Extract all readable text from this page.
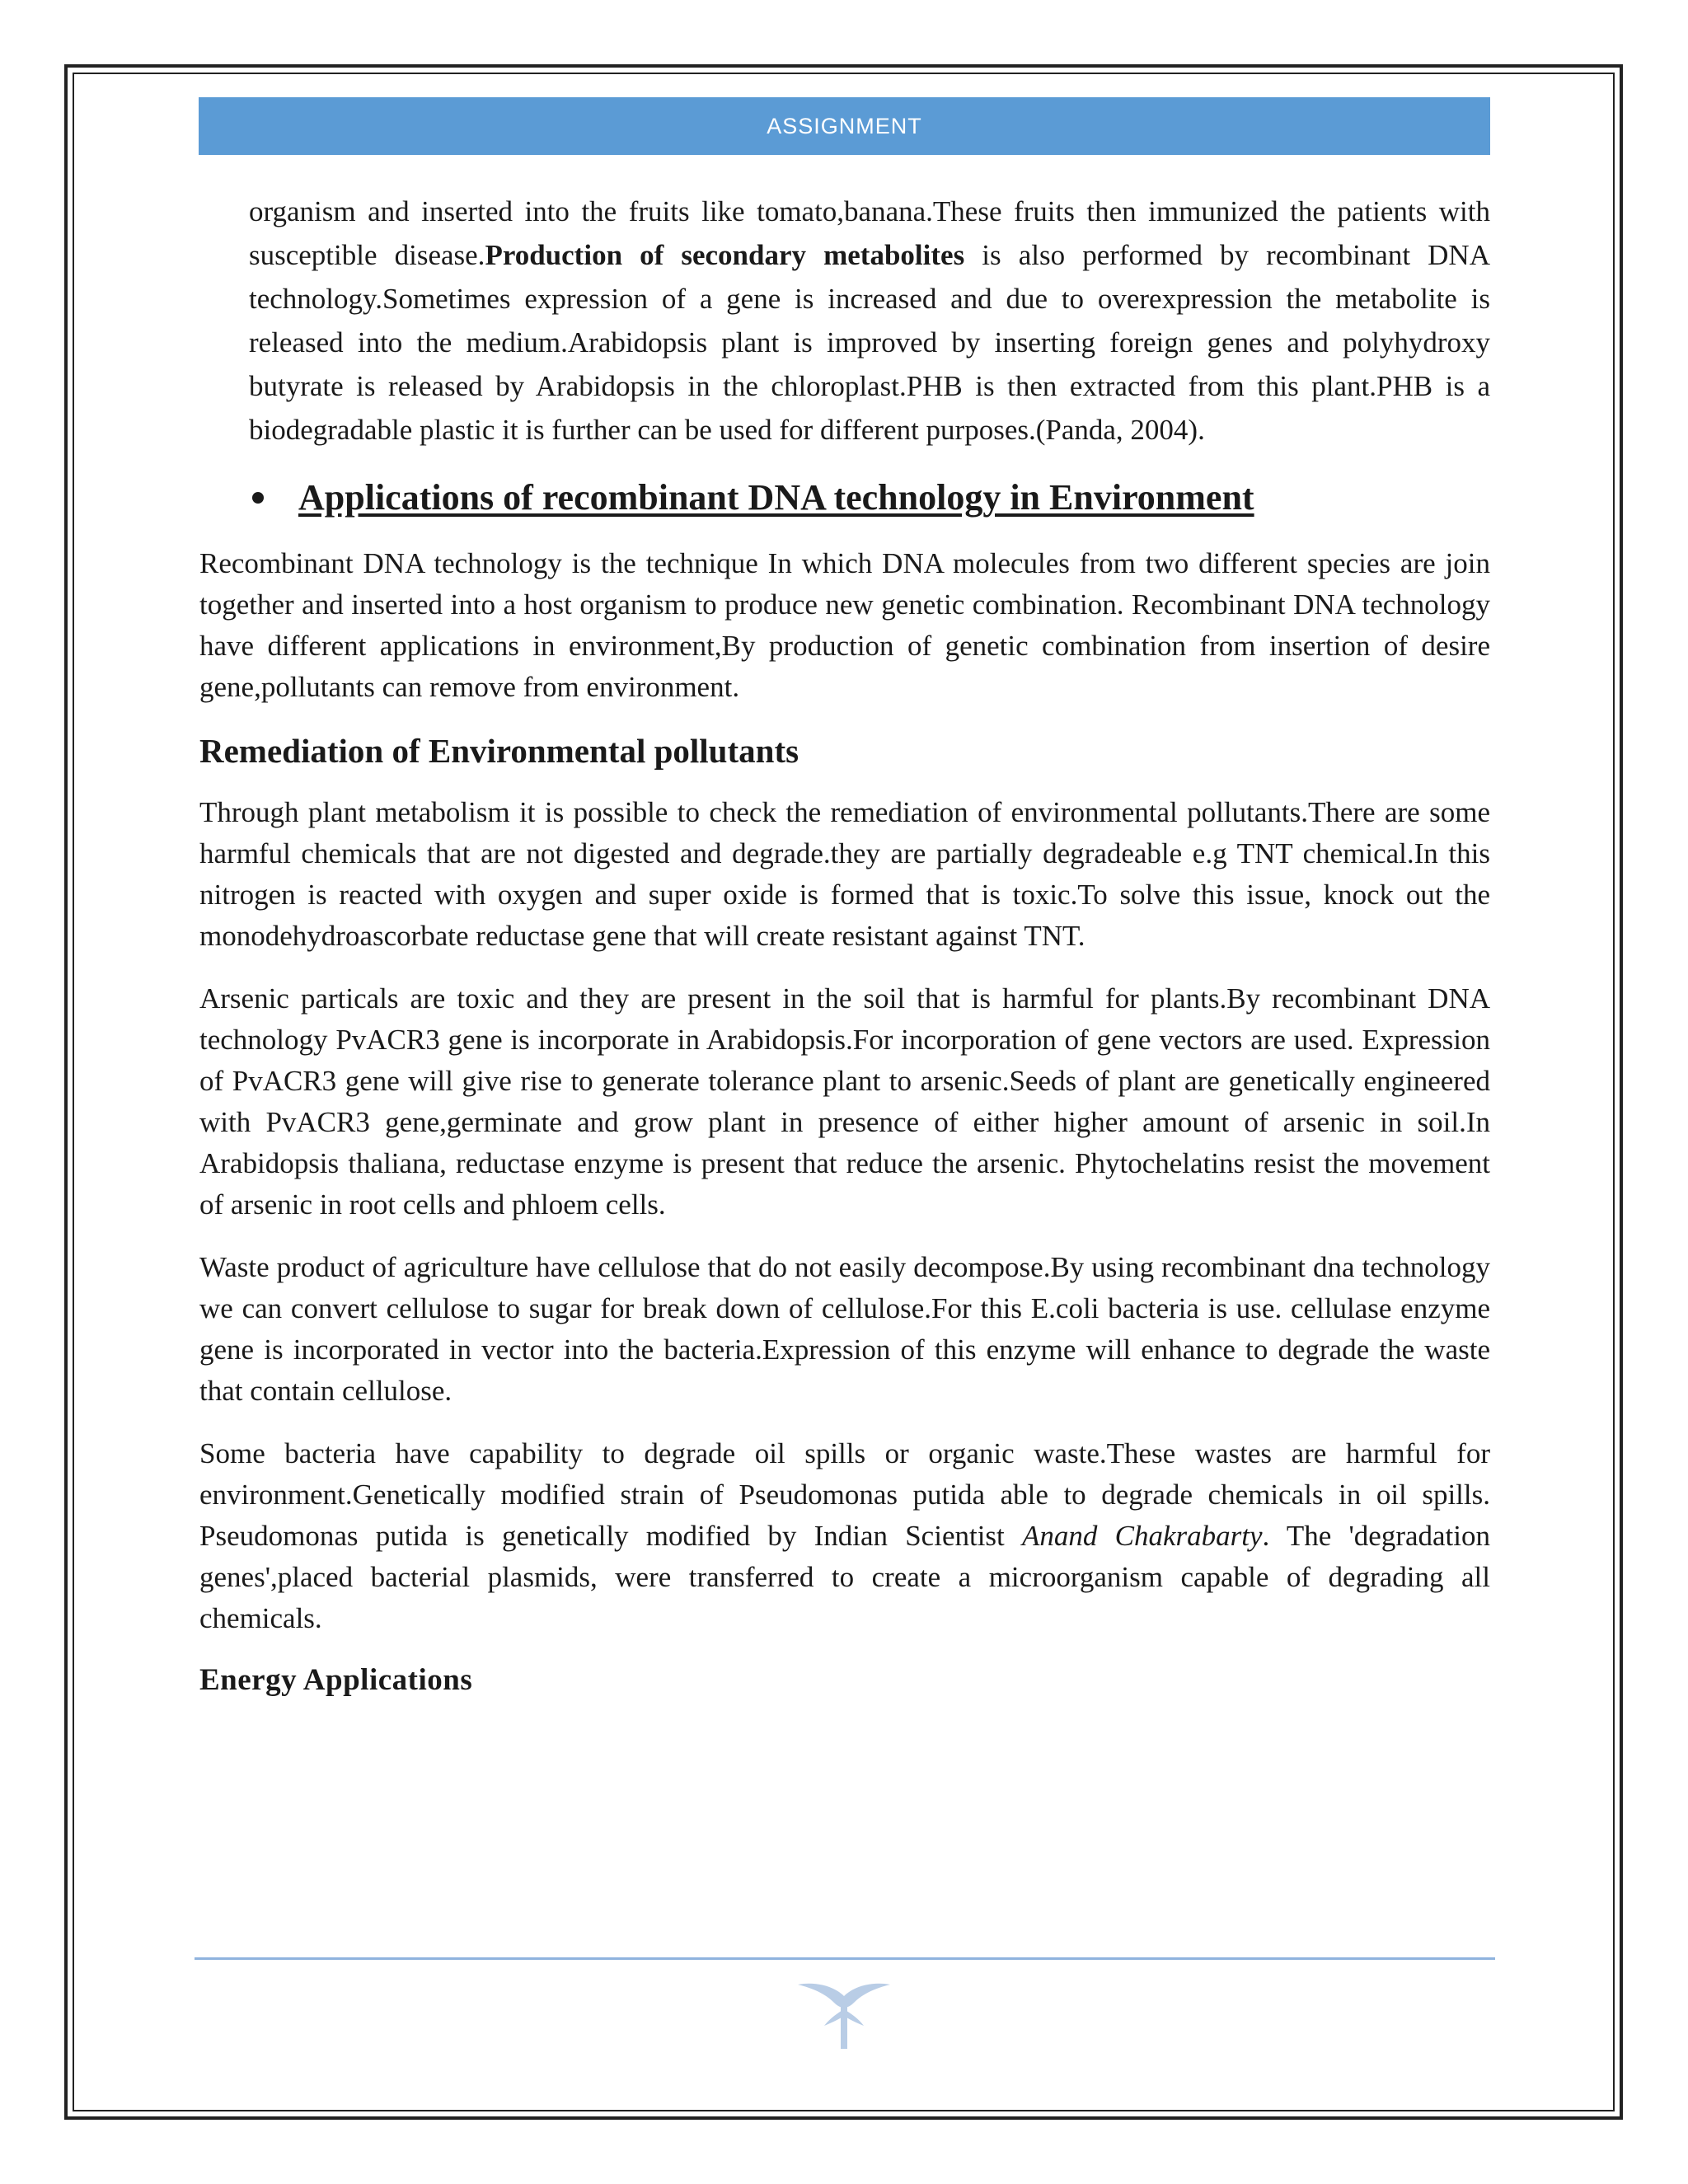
ASSIGNMENT

organism and inserted into the fruits like tomato,banana.These fruits then immunized the patients with susceptible disease.Production of secondary metabolites is also performed by recombinant DNA technology.Sometimes expression of a gene is increased and due to overexpression the metabolite is released into the medium.Arabidopsis plant is improved by inserting foreign genes and polyhydroxy butyrate is released by Arabidopsis in the chloroplast.PHB is then extracted from this plant.PHB is a biodegradable plastic it is further can be used for different purposes.(Panda, 2004).

Applications of recombinant DNA technology in Environment

Recombinant DNA technology is the technique In which DNA molecules from two different species are join together and inserted into a host organism to produce new genetic combination. Recombinant DNA technology have different applications in environment,By production of genetic combination from insertion of desire gene,pollutants can remove from environment.

Remediation of Environmental pollutants

Through plant metabolism it is possible to check the remediation of environmental pollutants.There are some harmful chemicals that are not digested and degrade.they are partially degradeable e.g TNT chemical.In this nitrogen is reacted with oxygen and super oxide is formed that is toxic.To solve this issue, knock out the monodehydroascorbate reductase gene that will create resistant against TNT.

Arsenic particals are toxic and they are present in the soil that is harmful for plants.By recombinant DNA technology PvACR3 gene is incorporate in Arabidopsis.For incorporation of gene vectors are used. Expression of PvACR3 gene will give rise to generate tolerance plant to arsenic.Seeds of plant are genetically engineered with PvACR3 gene,germinate and grow plant in presence of either higher amount of arsenic in soil.In Arabidopsis thaliana, reductase enzyme is present that reduce the arsenic. Phytochelatins resist the movement of arsenic in root cells and phloem cells.

Waste product of agriculture have cellulose that do not easily decompose.By using recombinant dna technology we can convert cellulose to sugar for break down of cellulose.For this E.coli bacteria is use. cellulase enzyme gene is incorporated in vector into the bacteria.Expression of this enzyme will enhance to degrade the waste that contain cellulose.

Some bacteria have capability to degrade oil spills or organic waste.These wastes are harmful for environment.Genetically modified strain of Pseudomonas putida able to degrade chemicals in oil spills. Pseudomonas putida is genetically modified by Indian Scientist Anand Chakrabarty. The 'degradation genes',placed bacterial plasmids, were transferred to create a microorganism capable of degrading all chemicals.

Energy Applications
